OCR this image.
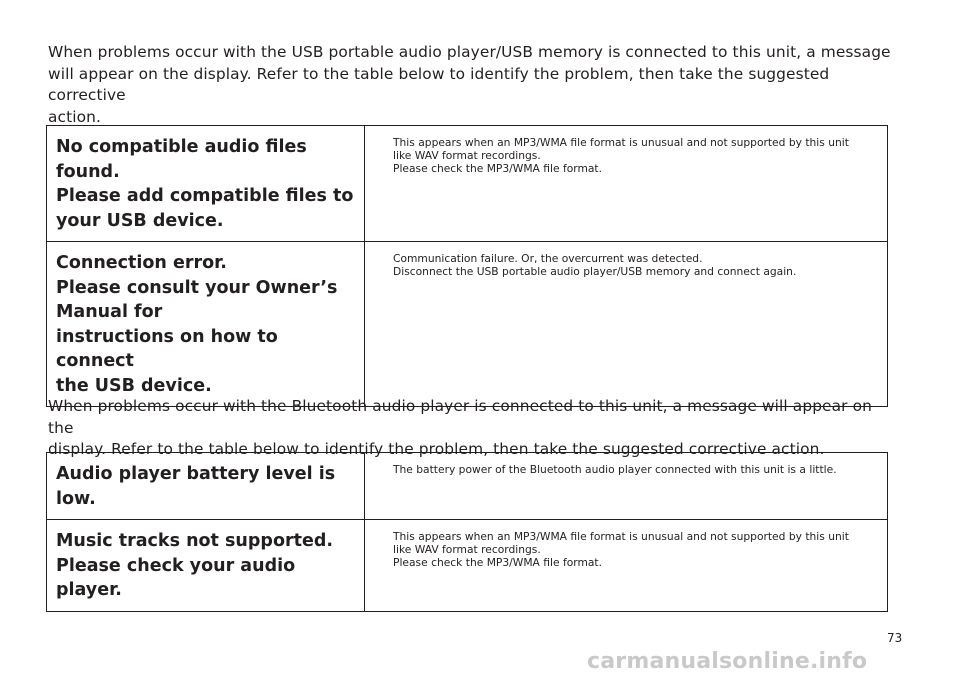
When problems occur with the USB portable audio player/USB memory is connected to this unit, a message
will appear on the display. Refer to the table below to identify the problem, then take the suggested corrective
action.

No compatible audio files
found.
Please add compatible files to
your USB device.	This appears when an MP3/WMA file format is unusual and not supported by this unit
like WAV format recordings.
Please check the MP3/WMA file format.

Connection error.
Please consult your Owner’s
Manual for
instructions on how to connect
the USB device.	Communication failure. Or, the overcurrent was detected.
Disconnect the USB portable audio player/USB memory and connect again.

When problems occur with the Bluetooth audio player is connected to this unit, a message will appear on the
display. Refer to the table below to identify the problem, then take the suggested corrective action.

Audio player battery level is
low.	The battery power of the Bluetooth audio player connected with this unit is a little.

Music tracks not supported.
Please check your audio player.	This appears when an MP3/WMA file format is unusual and not supported by this unit
like WAV format recordings.
Please check the MP3/WMA file format.
73
carmanualsonline.info
